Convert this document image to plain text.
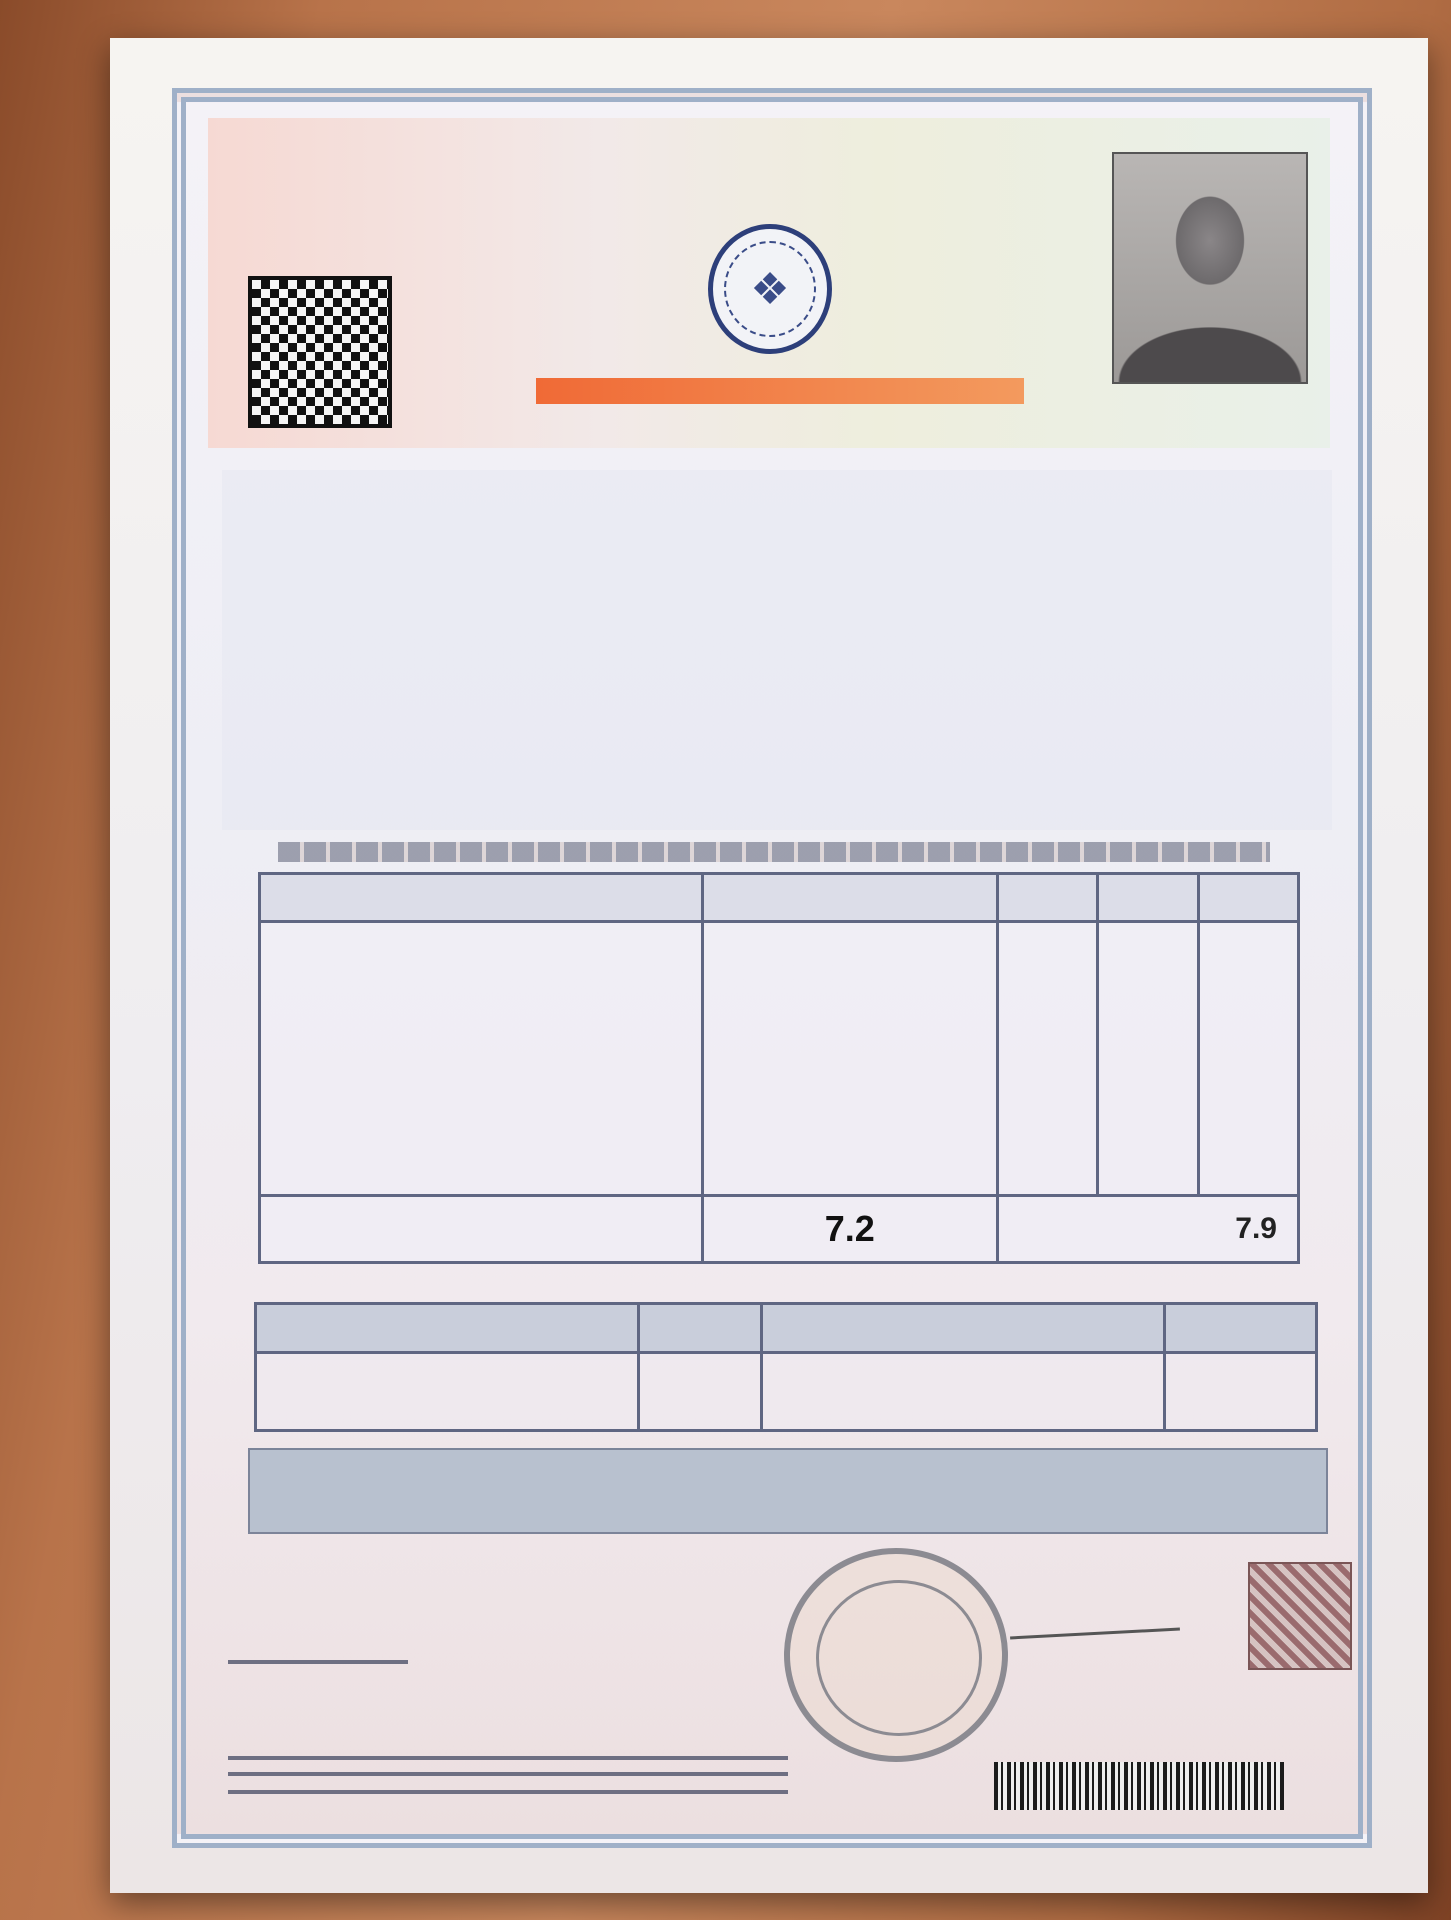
❖

	7.2	7.9		
